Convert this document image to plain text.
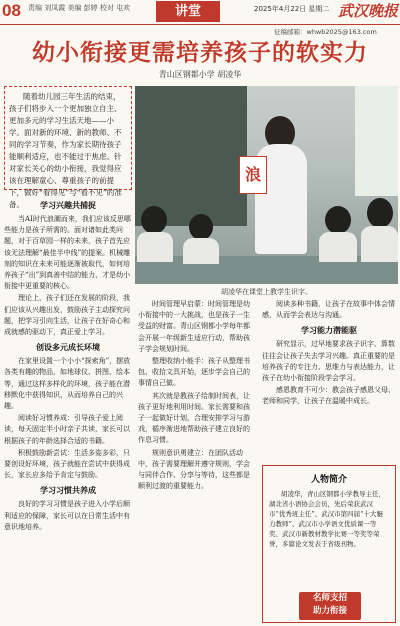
08 责编 刘凤霞 美编 彭婷 校对 屯欢	讲堂	2025年4月22日 星期二 武汉晚报
征稿邮箱：whwb2025@163.com
幼小衔接更需培养孩子的软实力
青山区钢都小学 胡凌华
随着幼儿园三年生活的结束，孩子们将步入一个更加独立自主、更加多元的学习生活天地——小学。面对新的环境、新的教师、不同的学习节奏，作为家长期待孩子能顺利适应，也不能过于焦虑。针对家长关心的幼小衔接，我觉得应该在理解童心、尊重孩子的前提下，做好“看得见”与“看不见”的准备。
浪
胡凌华在课堂上教学生识字。
学习兴趣共捕捉

当AI时代浪潮而来，我们应该反思哪些能力是孩子所需的。面对诸如此类问题，对于百草园一样的未来，孩子首先应该无法理解“最佳半中线”的提案。机械雕刻的知识在未来可能逐渐被取代，如何培养孩子“出”到真善中结的能力，才是幼小衔接中更重要的核心。

理论上，孩子们还在发展的阶段，我们应该从兴趣出发，鼓励孩子主动探究问题，把学习引向生活，让孩子在好奇心和成就感的驱动下，真正爱上学习。

创设多元成长环境

在家里设置一个小小“探索角”，摆放各类有趣的物品，如地球仪、拼图、绘本等，通过这样多样化的环境，孩子能在潜移默化中获得知识，从而培养自己的兴趣。

阅读好习惯养成：引导孩子爱上阅读，每天固定半小时亲子共读，家长可以根据孩子的年龄选择合适的书籍。

积极鼓励新尝试：生活多姿多彩，只要创设好环境，孩子就能在尝试中获得成长，家长应多给予肯定与鼓励。

学习习惯共养成

良好的学习习惯是孩子进入小学后顺利适应的保障，家长可以在日常生活中有意识地培养。

时间管理早启蒙：时间管理是幼小衔接中的一大挑战，也是孩子一生受益的财富。青山区钢都小学每年都会开展一年级新生适应行动，帮助孩子学会规划时间。

整理收纳小能手：孩子从整理书包、收拾文具开始，逐步学会自己的事情自己做。

其次就是教孩子给制时间表，让孩子更好地利用时间。家长需要和孩子一起做好计划，合理安排学习与游戏，循序渐进地帮助孩子建立良好的作息习惯。

规则意识勇建立：在团队活动中，孩子需要理解并遵守规则，学会与同伴合作、分享与等待，这些都是顺利过渡的重要能力。

阅读多种书籍，让孩子在故事中体会情感，从而学会表达与沟通。

学习能力潜能驱

研究显示，过早地要求孩子识字、算数往往会让孩子失去学习兴趣。真正重要的是培养孩子的专注力、思维力与表达能力，让孩子在幼小衔接阶段学会学习。

感恩教育不可少：教会孩子感恩父母、老师和同学，让孩子在温暖中成长。

人物简介
胡凌华，青山区钢都小学教导主任，湖北省小语协会会员，先后荣获武汉市“优秀班主任”、武汉市第四届“十大魅力教师”、武汉市小学语文优质课一等奖、武汉市新教材教学比赛一等奖等荣誉，多篇论文发表于省级刊物。
名师支招
助力衔接
